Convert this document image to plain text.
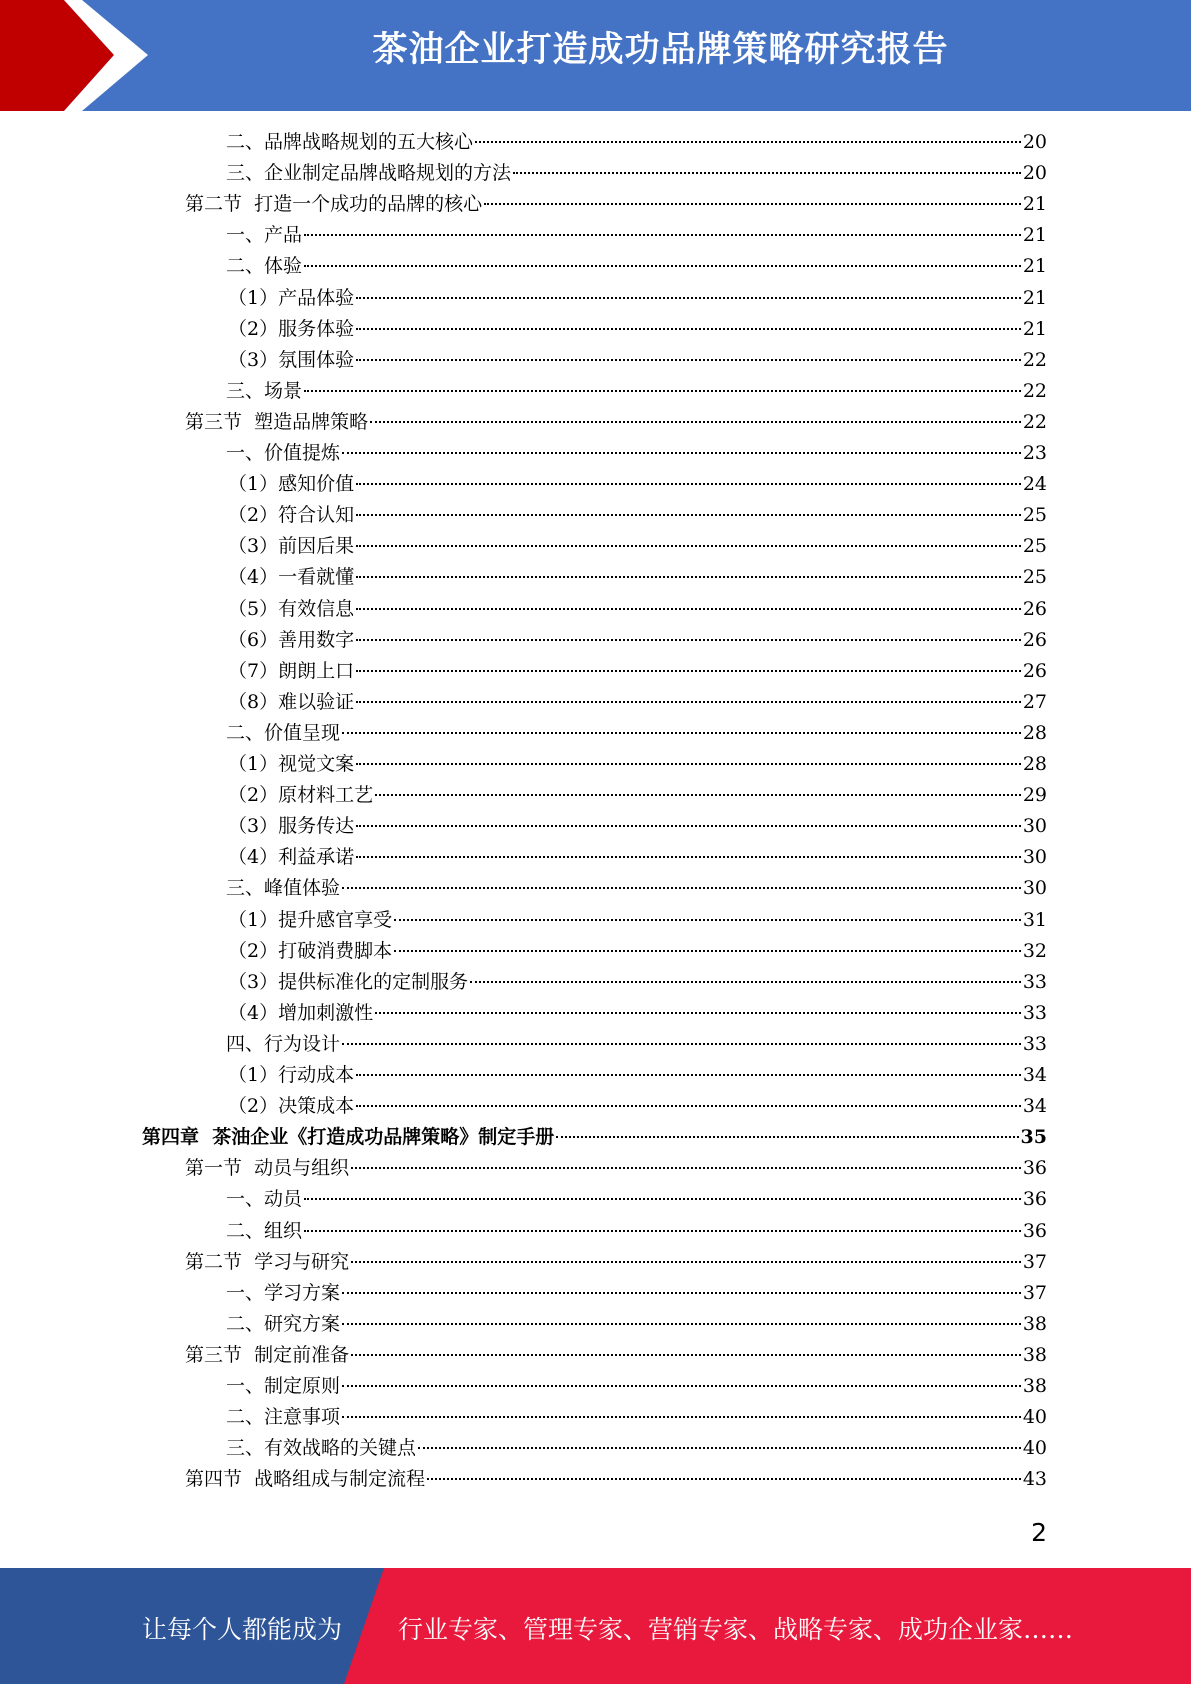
茶油企业打造成功品牌策略研究报告
二、品牌战略规划的五大核心	20
三、企业制定品牌战略规划的方法	20
第二节  打造一个成功的品牌的核心	21
一、产品	21
二、体验	21
（1）产品体验	21
（2）服务体验	21
（3）氛围体验	22
三、场景	22
第三节  塑造品牌策略	22
一、价值提炼	23
（1）感知价值	24
（2）符合认知	25
（3）前因后果	25
（4）一看就懂	25
（5）有效信息	26
（6）善用数字	26
（7）朗朗上口	26
（8）难以验证	27
二、价值呈现	28
（1）视觉文案	28
（2）原材料工艺	29
（3）服务传达	30
（4）利益承诺	30
三、峰值体验	30
（1）提升感官享受	31
（2）打破消费脚本	32
（3）提供标准化的定制服务	33
（4）增加刺激性	33
四、行为设计	33
（1）行动成本	34
（2）决策成本	34
第四章  茶油企业《打造成功品牌策略》制定手册	35
第一节  动员与组织	36
一、动员	36
二、组织	36
第二节  学习与研究	37
一、学习方案	37
二、研究方案	38
第三节  制定前准备	38
一、制定原则	38
二、注意事项	40
三、有效战略的关键点	40
第四节  战略组成与制定流程	43
2
让每个人都能成为 行业专家、管理专家、营销专家、战略专家、成功企业家……
